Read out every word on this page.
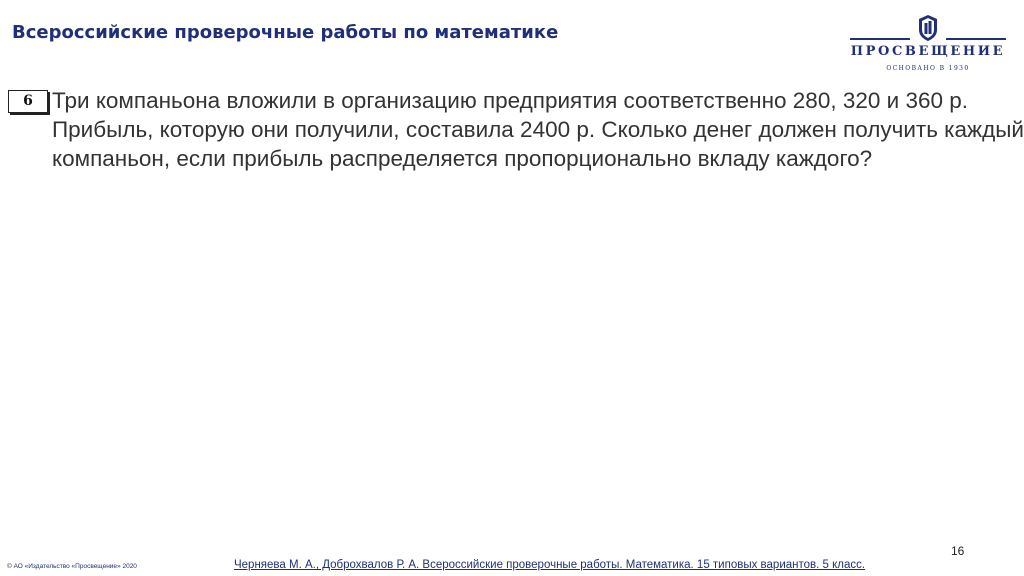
Всероссийские проверочные работы по математике
ПРОСВЕЩЕНИЕ
ОСНОВАНО В 1930
6 Три компаньона вложили в организацию предприятия соответственно 280, 320 и 360 р.
Прибыль, которую они получили, составила 2400 р. Сколько денег должен получить каждый
компаньон, если прибыль распределяется пропорционально вкладу каждого?
16
© АО «Издательство «Просвещение» 2020	Черняева М. А., Доброхвалов Р. А. Всероссийские проверочные работы. Математика. 15 типовых вариантов. 5 класс.
